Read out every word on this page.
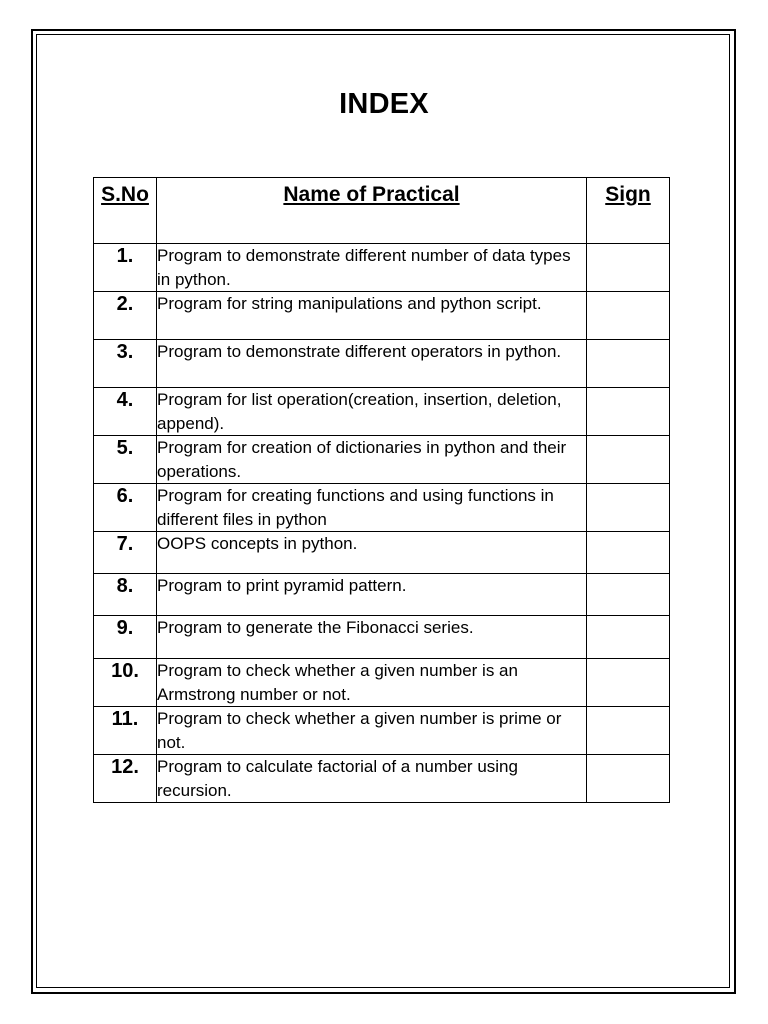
INDEX
S.No	Name of Practical	Sign
1.	Program to demonstrate different number of data types in python.	
2.	Program for string manipulations and python script.	
3.	Program to demonstrate different operators in python.	
4.	Program for list operation(creation, insertion, deletion, append).	
5.	Program for creation of dictionaries in python and their operations.	
6.	Program for creating functions and using functions in different files in python	
7.	OOPS concepts in python.	
8.	Program to print pyramid pattern.	
9.	Program to generate the Fibonacci series.	
10.	Program to check whether a given number is an Armstrong number or not.	
11.	Program to check whether a given number is prime or not.	
12.	Program to calculate factorial of a number using recursion.	
